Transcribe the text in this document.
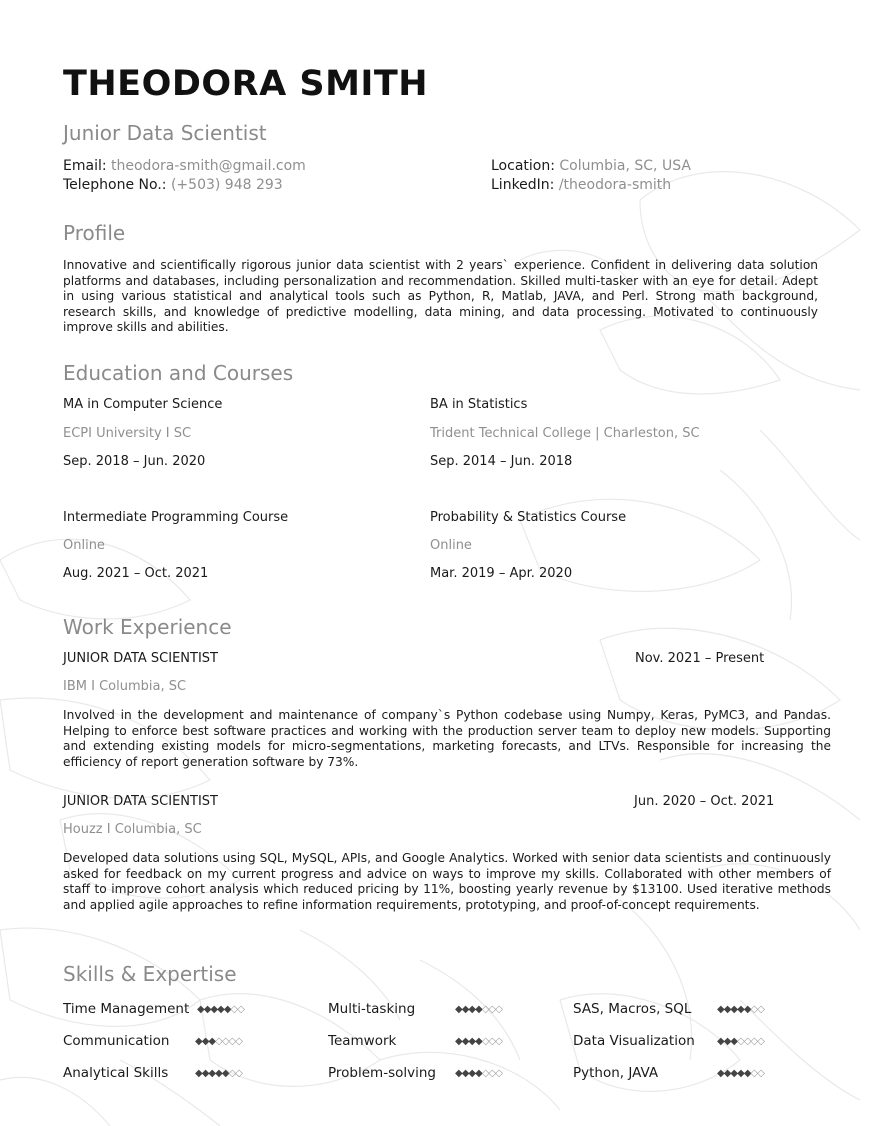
THEODORA SMITH
Junior Data Scientist
Email: theodora-smith@gmail.com
Telephone No.: (+503) 948 293
Location: Columbia, SC, USA
LinkedIn: /theodora-smith
Profile
Innovative and scientifically rigorous junior data scientist with 2 years` experience. Confident in delivering data solution platforms and databases, including personalization and recommendation. Skilled multi-tasker with an eye for detail. Adept in using various statistical and analytical tools such as Python, R, Matlab, JAVA, and Perl. Strong math background, research skills, and knowledge of predictive modelling, data mining, and data processing. Motivated to continuously improve skills and abilities.
Education and Courses
MA in Computer Science
ECPI University I SC
Sep. 2018 – Jun. 2020
BA in Statistics
Trident Technical College | Charleston, SC
Sep. 2014 – Jun. 2018
Intermediate Programming Course
Online
Aug. 2021 – Oct. 2021
Probability & Statistics Course
Online
Mar. 2019 – Apr. 2020
Work Experience
JUNIOR DATA SCIENTIST	Nov. 2021 – Present
IBM I Columbia, SC
Involved in the development and maintenance of company`s Python codebase using Numpy, Keras, PyMC3, and Pandas. Helping to enforce best software practices and working with the production server team to deploy new models. Supporting and extending existing models for micro-segmentations, marketing forecasts, and LTVs. Responsible for increasing the efficiency of report generation software by 73%.
JUNIOR DATA SCIENTIST	Jun. 2020 – Oct. 2021
Houzz I Columbia, SC
Developed data solutions using SQL, MySQL, APIs, and Google Analytics. Worked with senior data scientists and continuously asked for feedback on my current progress and advice on ways to improve my skills. Collaborated with other members of staff to improve cohort analysis which reduced pricing by 11%, boosting yearly revenue by $13100. Used iterative methods and applied agile approaches to refine information requirements, prototyping, and proof-of-concept requirements.
Skills & Expertise
Time Management ◆◆◆◆◆◇◇	Multi-tasking	◆◆◆◆◇◇◇	SAS, Macros, SQL	◆◆◆◆◆◇◇
Communication	◆◆◆◇◇◇◇	Teamwork	◆◆◆◆◇◇◇	Data Visualization ◆◆◆◇◇◇◇
Analytical Skills	◆◆◆◆◆◇◇	Problem-solving ◆◆◆◆◇◇◇	Python, JAVA	◆◆◆◆◆◇◇
